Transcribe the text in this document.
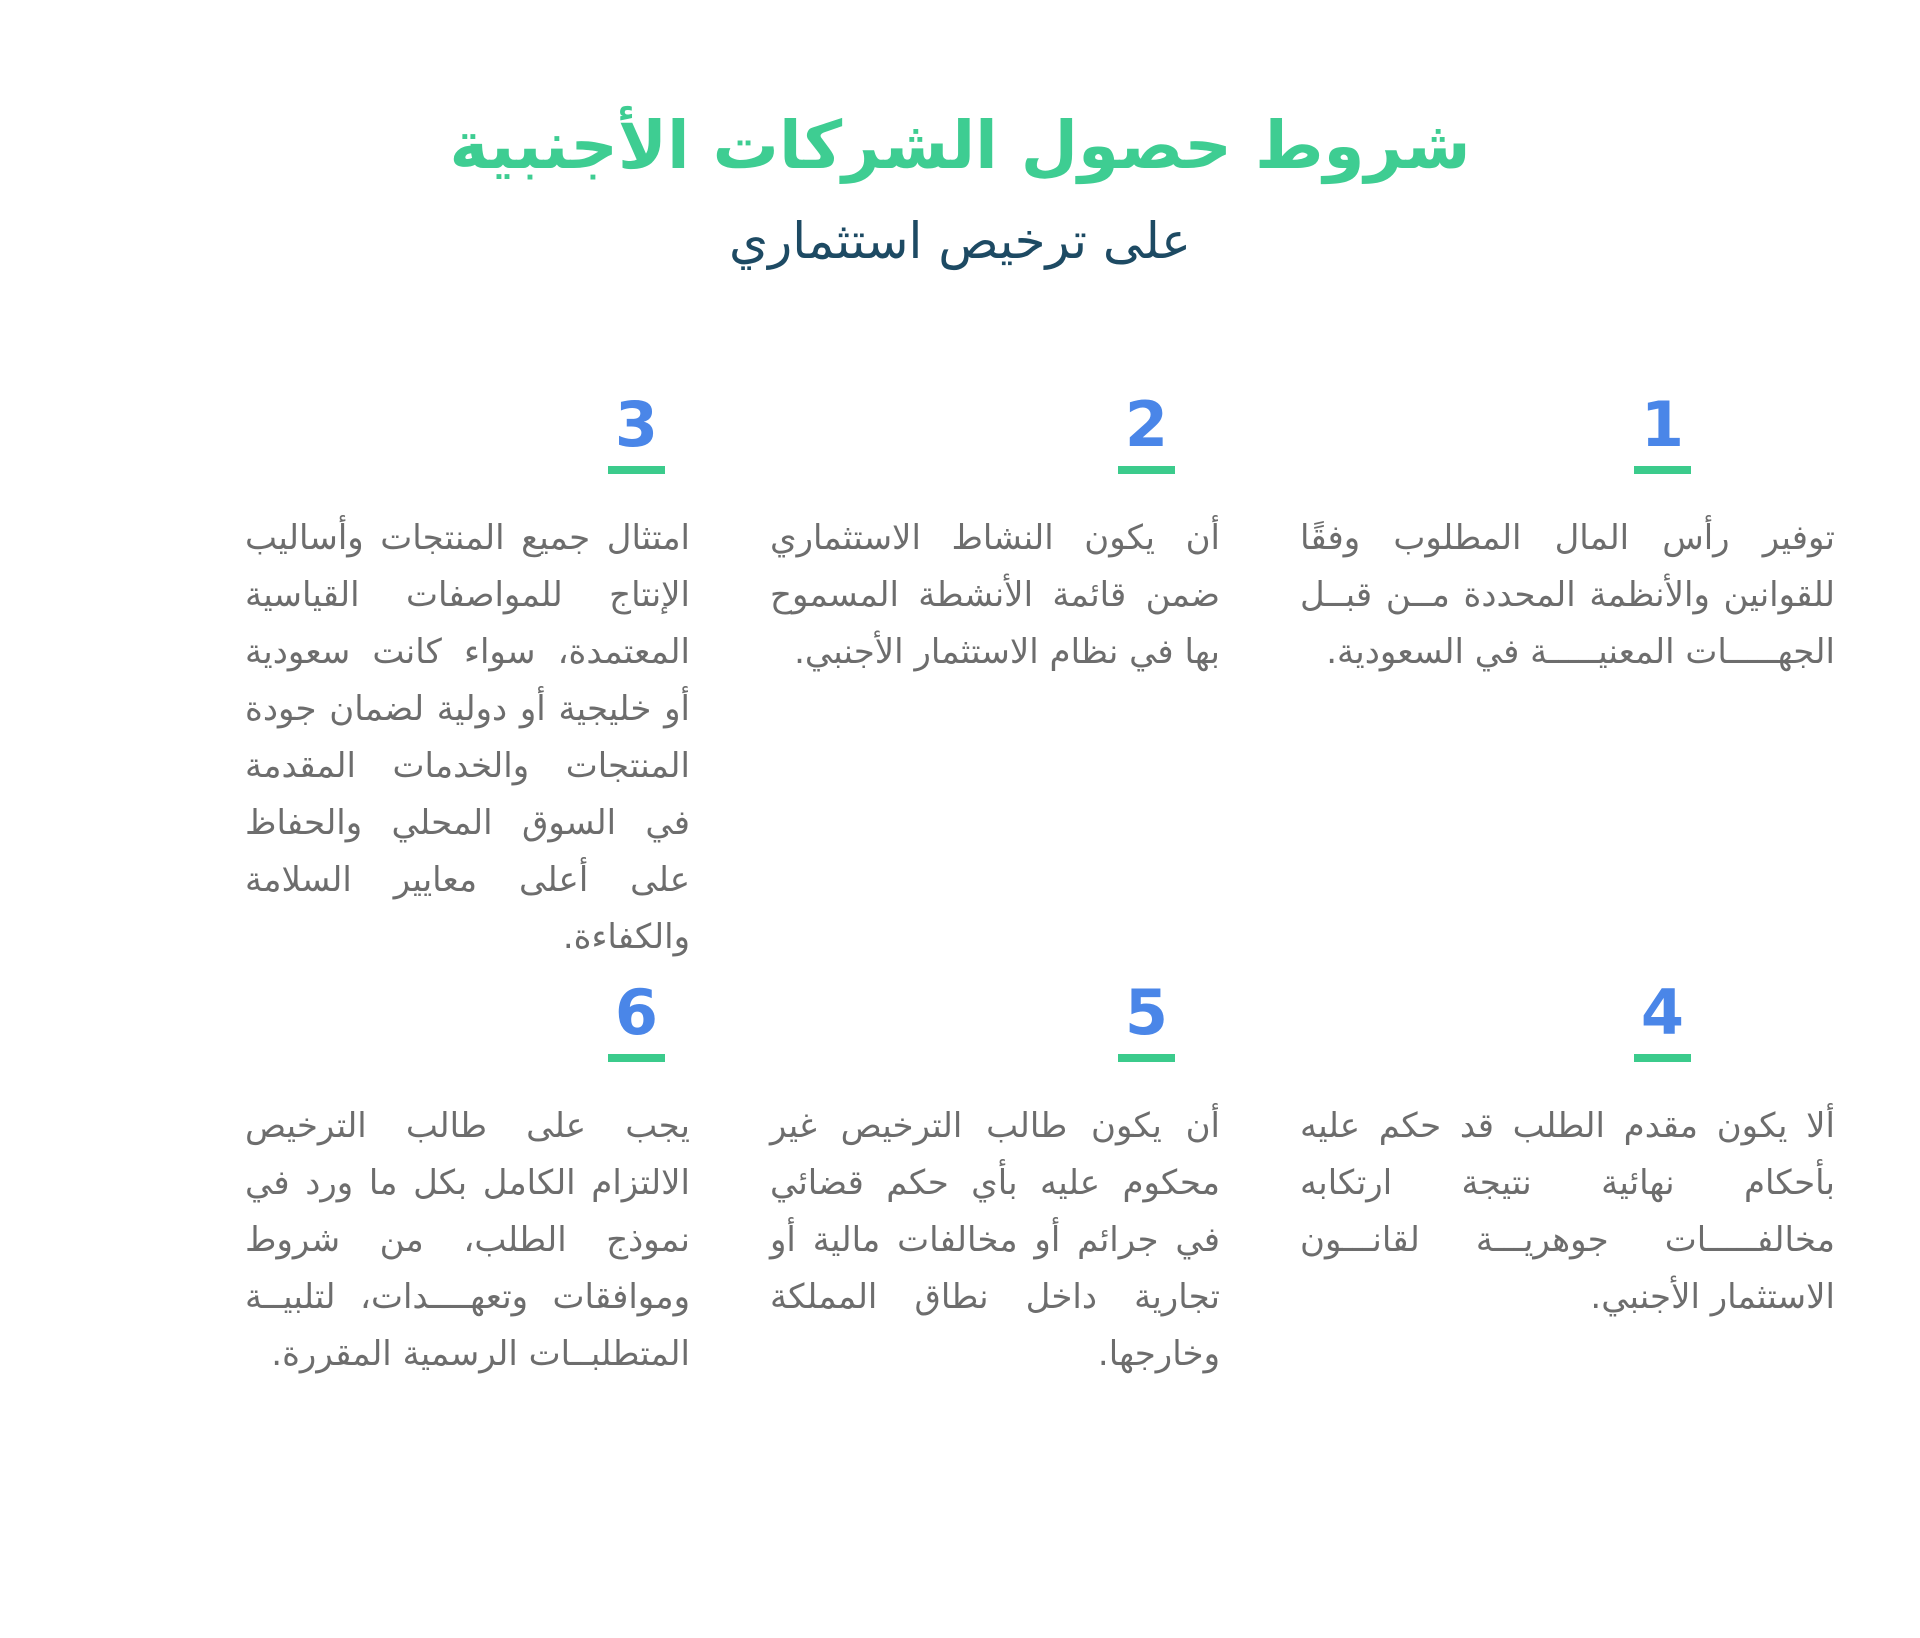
شروط حصول الشركات الأجنبية
على ترخيص استثماري
1

توفير رأس المال المطلوب وفقًا للقوانين والأنظمة المحددة مــن قبــل الجهـــــات المعنيـــــة في السعودية.

2

أن يكون النشاط الاستثماري ضمن قائمة الأنشطة المسموح بها في نظام الاستثمار الأجنبي.

3

امتثال جميع المنتجات وأساليب الإنتاج للمواصفات القياسية المعتمدة، سواء كانت سعودية أو خليجية أو دولية لضمان جودة المنتجات والخدمات المقدمة في السوق المحلي والحفاظ على أعلى معايير السلامة والكفاءة.

4

ألا يكون مقدم الطلب قد حكم عليه بأحكام نهائية نتيجة ارتكابه مخالفـــــات جوهريـــة لقانـــون الاستثمار الأجنبي.

5

أن يكون طالب الترخيص غير محكوم عليه بأي حكم قضائي في جرائم أو مخالفات مالية أو تجارية داخل نطاق المملكة وخارجها.

6

يجب على طالب الترخيص الالتزام الكامل بكل ما ورد في نموذج الطلب، من شروط وموافقات وتعهــــدات، لتلبيــة المتطلبــات الرسمية المقررة.
